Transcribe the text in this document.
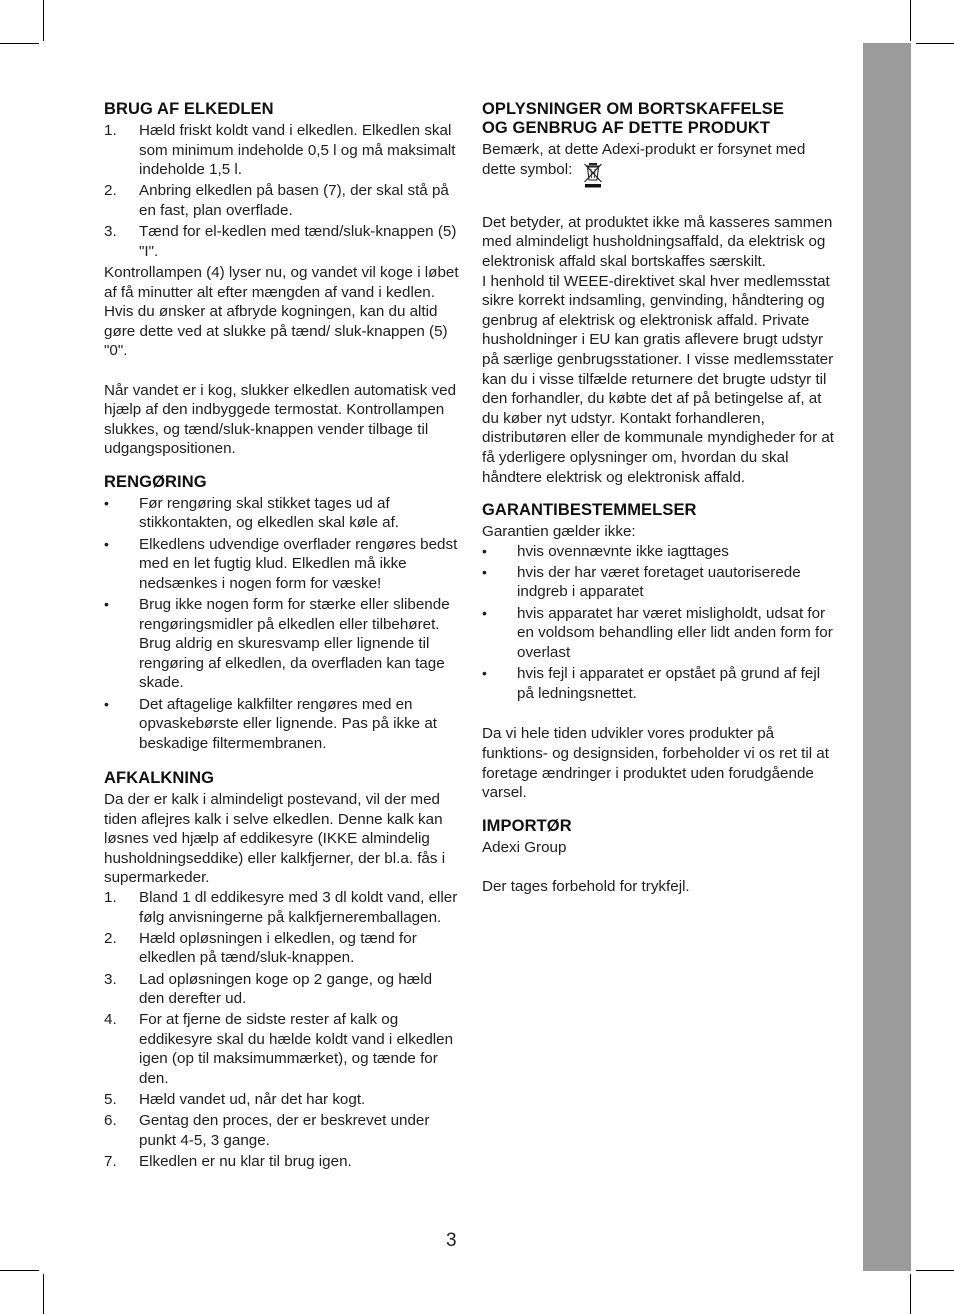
BRUG AF ELKEDLEN
1. Hæld friskt koldt vand i elkedlen. Elkedlen skal som minimum indeholde 0,5 l og må maksimalt indeholde 1,5 l.
2. Anbring elkedlen på basen (7), der skal stå på en fast, plan overflade.
3. Tænd for el-kedlen med tænd/sluk-knappen (5) "I".

Kontrollampen (4) lyser nu, og vandet vil koge i løbet af få minutter alt efter mængden af vand i kedlen. Hvis du ønsker at afbryde kogningen, kan du altid gøre dette ved at slukke på tænd/ sluk-knappen (5) "0".

Når vandet er i kog, slukker elkedlen automatisk ved hjælp af den indbyggede termostat. Kontrollampen slukkes, og tænd/sluk-knappen vender tilbage til udgangspositionen.

RENGØRING
• Før rengøring skal stikket tages ud af stikkontakten, og elkedlen skal køle af.
• Elkedlens udvendige overflader rengøres bedst med en let fugtig klud. Elkedlen må ikke nedsænkes i nogen form for væske!
• Brug ikke nogen form for stærke eller slibende rengøringsmidler på elkedlen eller tilbehøret. Brug aldrig en skuresvamp eller lignende til rengøring af elkedlen, da overfladen kan tage skade.
• Det aftagelige kalkfilter rengøres med en opvaskebørste eller lignende. Pas på ikke at beskadige filtermembranen.
AFKALKNING

Da der er kalk i almindeligt postevand, vil der med tiden aflejres kalk i selve elkedlen. Denne kalk kan løsnes ved hjælp af eddikesyre (IKKE almindelig husholdningseddike) eller kalkfjerner, der bl.a. fås i supermarkeder.

1. Bland 1 dl eddikesyre med 3 dl koldt vand, eller følg anvisningerne på kalkfjerneremballagen.
2. Hæld opløsningen i elkedlen, og tænd for elkedlen på tænd/sluk-knappen.
3. Lad opløsningen koge op 2 gange, og hæld den derefter ud.
4. For at fjerne de sidste rester af kalk og eddikesyre skal du hælde koldt vand i elkedlen igen (op til maksimummærket), og tænde for den.
5. Hæld vandet ud, når det har kogt.
6. Gentag den proces, der er beskrevet under punkt 4-5, 3 gange.
7. Elkedlen er nu klar til brug igen.
OPLYSNINGER OM BORTSKAFFELSE
OG GENBRUG AF DETTE PRODUKT

Bemærk, at dette Adexi-produkt er forsynet med dette symbol:

Det betyder, at produktet ikke må kasseres sammen med almindeligt husholdningsaffald, da elektrisk og elektronisk affald skal bortskaffes særskilt.

I henhold til WEEE-direktivet skal hver medlemsstat sikre korrekt indsamling, genvinding, håndtering og genbrug af elektrisk og elektronisk affald. Private husholdninger i EU kan gratis aflevere brugt udstyr på særlige genbrugsstationer. I visse medlemsstater kan du i visse tilfælde returnere det brugte udstyr til den forhandler, du købte det af på betingelse af, at du køber nyt udstyr. Kontakt forhandleren, distributøren eller de kommunale myndigheder for at få yderligere oplysninger om, hvordan du skal håndtere elektrisk og elektronisk affald.

GARANTIBESTEMMELSER

Garantien gælder ikke:

• hvis ovennævnte ikke iagttages
• hvis der har været foretaget uautoriserede indgreb i apparatet
• hvis apparatet har været misligholdt, udsat for en voldsom behandling eller lidt anden form for overlast
• hvis fejl i apparatet er opstået på grund af fejl på ledningsnettet.

Da vi hele tiden udvikler vores produkter på funktions- og designsiden, forbeholder vi os ret til at foretage ændringer i produktet uden forudgående varsel.

IMPORTØR

Adexi Group

Der tages forbehold for trykfejl.

3
